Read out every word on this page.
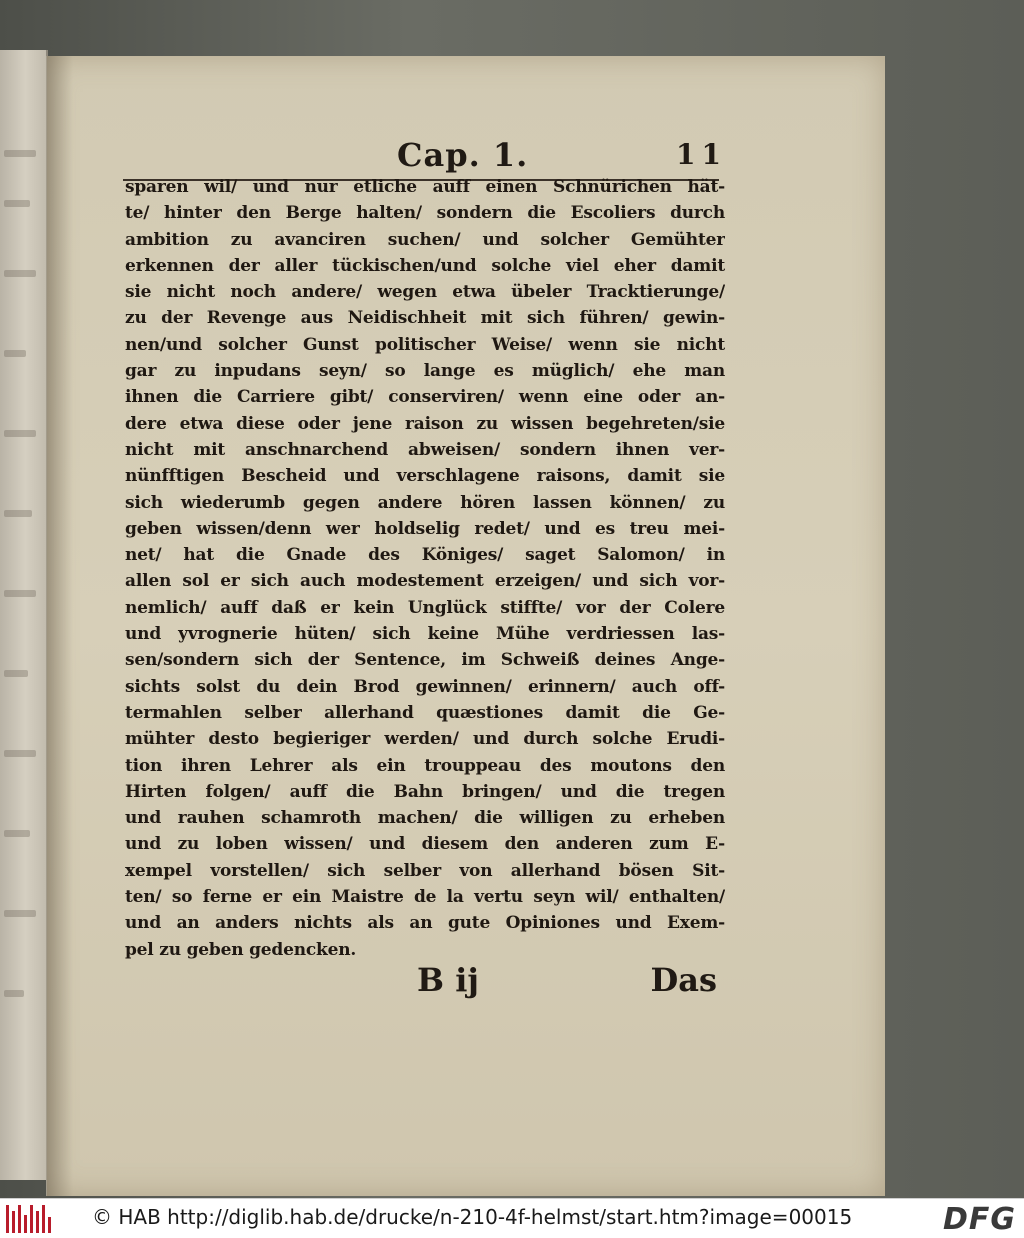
Cap. 1.	11
sparen wil/ und nur etliche auff einen Schnürichen hät-
te/ hinter den Berge halten/ sondern die Escoliers durch
ambition zu avanciren suchen/ und solcher Gemühter
erkennen der aller tückischen/und solche viel eher damit
sie nicht noch andere/ wegen etwa übeler Tracktierunge/
zu der Revenge aus Neidischheit mit sich führen/ gewin-
nen/und solcher Gunst politischer Weise/ wenn sie nicht
gar zu inpudans seyn/ so lange es müglich/ ehe man
ihnen die Carriere gibt/ conserviren/ wenn eine oder an-
dere etwa diese oder jene raison zu wissen begehreten/sie
nicht mit anschnarchend abweisen/ sondern ihnen ver-
nünfftigen Bescheid und verschlagene raisons, damit sie
sich wiederumb gegen andere hören lassen können/ zu
geben wissen/denn wer holdselig redet/ und es treu mei-
net/ hat die Gnade des Königes/ saget Salomon/ in
allen sol er sich auch modestement erzeigen/ und sich vor-
nemlich/ auff daß er kein Unglück stiffte/ vor der Colere
und yvrognerie hüten/ sich keine Mühe verdriessen las-
sen/sondern sich der Sentence, im Schweiß deines Ange-
sichts solst du dein Brod gewinnen/ erinnern/ auch off-
termahlen selber allerhand quæstiones damit die Ge-
mühter desto begieriger werden/ und durch solche Erudi-
tion ihren Lehrer als ein trouppeau des moutons den
Hirten folgen/ auff die Bahn bringen/ und die tregen
und rauhen schamroth machen/ die willigen zu erheben
und zu loben wissen/ und diesem den anderen zum E-
xempel vorstellen/ sich selber von allerhand bösen Sit-
ten/ so ferne er ein Maistre de la vertu seyn wil/ enthalten/
und an anders nichts als an gute Opiniones und Exem-
pel zu geben gedencken.
B ij	Das
© HAB http://diglib.hab.de/drucke/n-210-4f-helmst/start.htm?image=00015	DFG
